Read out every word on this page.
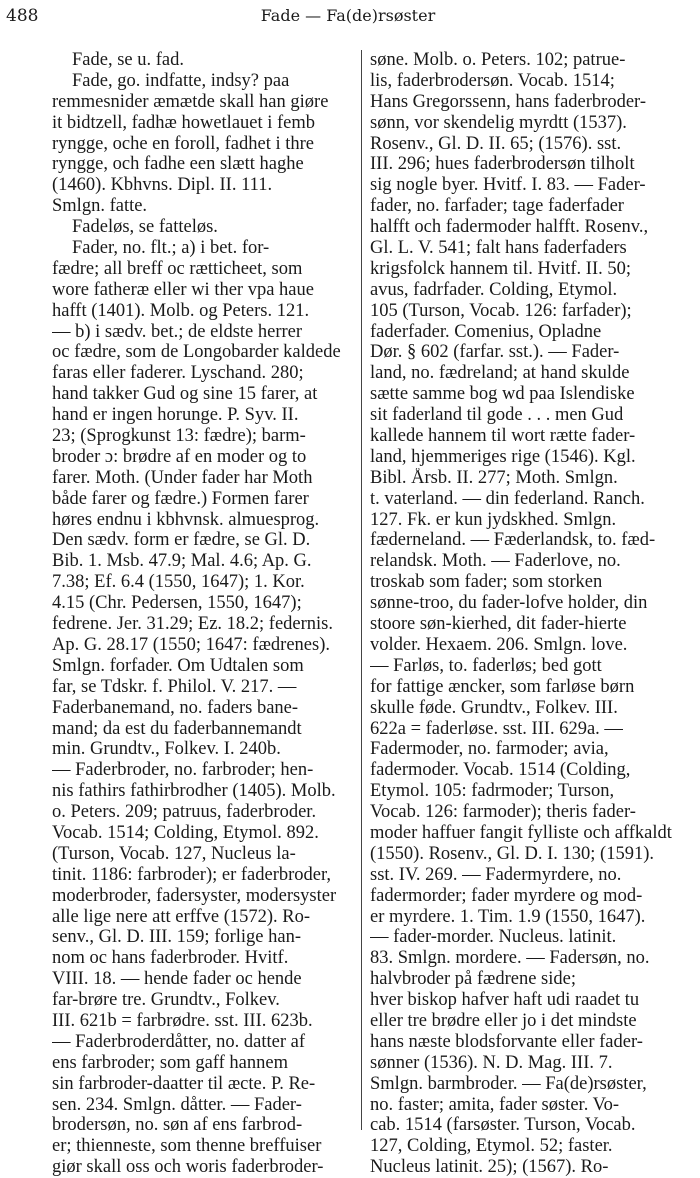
488	Fade — Fa(de)rsøster
Fade, se u. fad.
Fade, go. indfatte, indsy? paa
remmesnider æmætde skall han giøre
it bidtzell, fadhæ howetlauet i femb
ryngge, oche en foroll, fadhet i thre
ryngge, och fadhe een slætt haghe
(1460). Kbhvns. Dipl. II. 111.
Smlgn. fatte.
Fadeløs, se fatteløs.
Fader, no. flt.; a) i bet. for-
fædre; all breff oc rætticheet, som
wore fatheræ eller wi ther vpa haue
hafft (1401). Molb. og Peters. 121.
— b) i sædv. bet.; de eldste herrer
oc fædre, som de Longobarder kaldede
faras eller faderer. Lyschand. 280;
hand takker Gud og sine 15 farer, at
hand er ingen horunge. P. Syv. II.
23; (Sprogkunst 13: fædre); barm-
broder ɔ: brødre af en moder og to
farer. Moth. (Under fader har Moth
både farer og fædre.) Formen farer
høres endnu i kbhvnsk. almuesprog.
Den sædv. form er fædre, se Gl. D.
Bib. 1. Msb. 47.9; Mal. 4.6; Ap. G.
7.38; Ef. 6.4 (1550, 1647); 1. Kor.
4.15 (Chr. Pedersen, 1550, 1647);
fedrene. Jer. 31.29; Ez. 18.2; federnis.
Ap. G. 28.17 (1550; 1647: fædrenes).
Smlgn. forfader. Om Udtalen som
far, se Tdskr. f. Philol. V. 217. —
Faderbanemand, no. faders bane-
mand; da est du faderbannemandt
min. Grundtv., Folkev. I. 240b.
— Faderbroder, no. farbroder; hen-
nis fathirs fathirbrodher (1405). Molb.
o. Peters. 209; patruus, faderbroder.
Vocab. 1514; Colding, Etymol. 892.
(Turson, Vocab. 127, Nucleus la-
tinit. 1186: farbroder); er faderbroder,
moderbroder, fadersyster, modersyster
alle lige nere att erffve (1572). Ro-
senv., Gl. D. III. 159; forlige han-
nom oc hans faderbroder. Hvitf.
VIII. 18. — hende fader oc hende
far-brøre tre. Grundtv., Folkev.
III. 621b = farbrødre. sst. III. 623b.
— Faderbroderdåtter, no. datter af
ens farbroder; som gaff hannem
sin farbroder-daatter til æcte. P. Re-
sen. 234. Smlgn. dåtter. — Fader-
brodersøn, no. søn af ens farbrod-
er; thienneste, som thenne breffuiser
giør skall oss och woris faderbroder-
søne. Molb. o. Peters. 102; patrue-
lis, faderbrodersøn. Vocab. 1514;
Hans Gregorssenn, hans faderbroder-
sønn, vor skendelig myrdtt (1537).
Rosenv., Gl. D. II. 65; (1576). sst.
III. 296; hues faderbrodersøn tilholt
sig nogle byer. Hvitf. I. 83. — Fader-
fader, no. farfader; tage faderfader
halfft och fadermoder halfft. Rosenv.,
Gl. L. V. 541; falt hans faderfaders
krigsfolck hannem til. Hvitf. II. 50;
avus, fadrfader. Colding, Etymol.
105 (Turson, Vocab. 126: farfader);
faderfader. Comenius, Opladne
Dør. § 602 (farfar. sst.). — Fader-
land, no. fædreland; at hand skulde
sætte samme bog wd paa Islendiske
sit faderland til gode . . . men Gud
kallede hannem til wort rætte fader-
land, hjemmeriges rige (1546). Kgl.
Bibl. Årsb. II. 277; Moth. Smlgn.
t. vaterland. — din federland. Ranch.
127. Fk. er kun jydskhed. Smlgn.
fæderneland. — Fæderlandsk, to. fæd-
relandsk. Moth. — Faderlove, no.
troskab som fader; som storken
sønne-troo, du fader-lofve holder, din
stoore søn-kierhed, dit fader-hierte
volder. Hexaem. 206. Smlgn. love.
— Farløs, to. faderløs; bed gott
for fattige æncker, som farløse børn
skulle føde. Grundtv., Folkev. III.
622a = faderløse. sst. III. 629a. —
Fadermoder, no. farmoder; avia,
fadermoder. Vocab. 1514 (Colding,
Etymol. 105: fadrmoder; Turson,
Vocab. 126: farmoder); theris fader-
moder haffuer fangit fylliste och affkaldt
(1550). Rosenv., Gl. D. I. 130; (1591).
sst. IV. 269. — Fadermyrdere, no.
fadermorder; fader myrdere og mod-
er myrdere. 1. Tim. 1.9 (1550, 1647).
— fader-morder. Nucleus. latinit.
83. Smlgn. mordere. — Fadersøn, no.
halvbroder på fædrene side;
hver biskop hafver haft udi raadet tu
eller tre brødre eller jo i det mindste
hans næste blodsforvante eller fader-
sønner (1536). N. D. Mag. III. 7.
Smlgn. barmbroder. — Fa(de)rsøster,
no. faster; amita, fader søster. Vo-
cab. 1514 (farsøster. Turson, Vocab.
127, Colding, Etymol. 52; faster.
Nucleus latinit. 25); (1567). Ro-
